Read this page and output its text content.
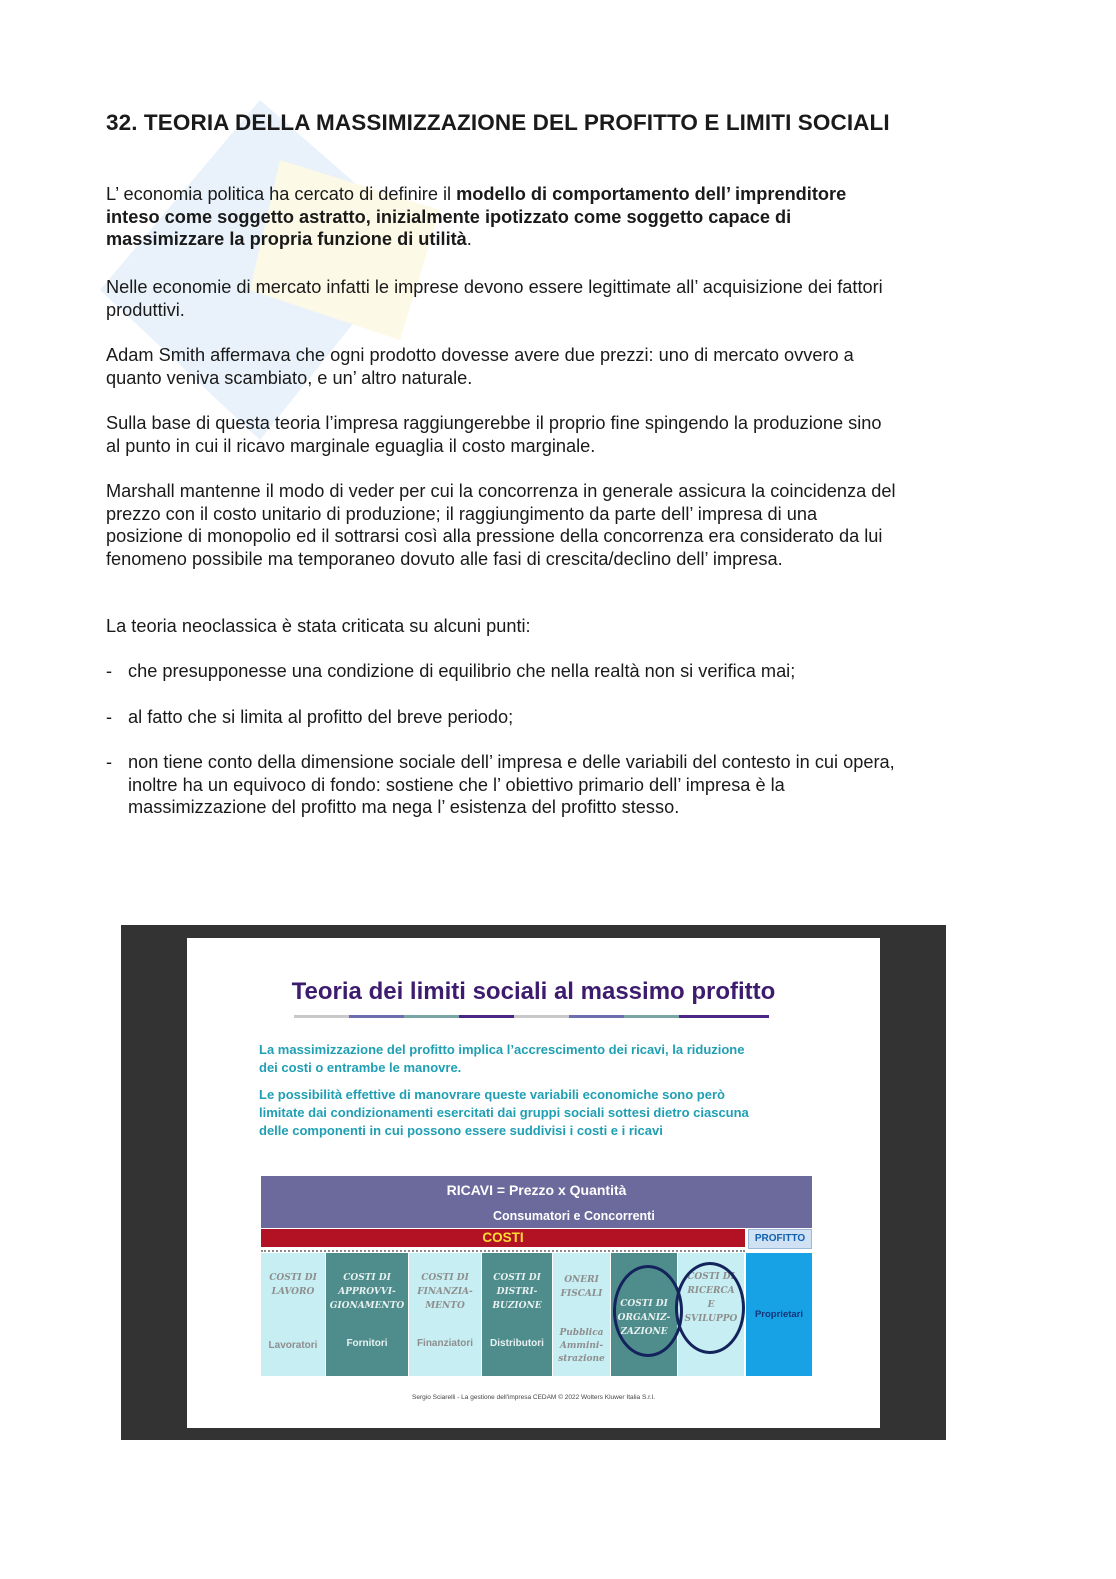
32. TEORIA DELLA MASSIMIZZAZIONE DEL PROFITTO E LIMITI SOCIALI

L’ economia politica ha cercato di definire il modello di comportamento dell’ imprenditore
inteso come soggetto astratto, inizialmente ipotizzato come soggetto capace di
massimizzare la propria funzione di utilità.

Nelle economie di mercato infatti le imprese devono essere legittimate all’ acquisizione dei fattori
produttivi.

Adam Smith affermava che ogni prodotto dovesse avere due prezzi: uno di mercato ovvero a
quanto veniva scambiato, e un’ altro naturale.

Sulla base di questa teoria l’impresa raggiungerebbe il proprio fine spingendo la produzione sino
al punto in cui il ricavo marginale eguaglia il costo marginale.

Marshall mantenne il modo di veder per cui la concorrenza in generale assicura la coincidenza del
prezzo con il costo unitario di produzione; il raggiungimento da parte dell’ impresa di una
posizione di monopolio ed il sottrarsi così alla pressione della concorrenza era considerato da lui
fenomeno possibile ma temporaneo dovuto alle fasi di crescita/declino dell’ impresa.

La teoria neoclassica è stata criticata su alcuni punti:

- che presupponesse una condizione di equilibrio che nella realtà non si verifica mai;
- al fatto che si limita al profitto del breve periodo;
- non tiene conto della dimensione sociale dell’ impresa e delle variabili del contesto in cui opera,
inoltre ha un equivoco di fondo: sostiene che l’ obiettivo primario dell’ impresa è la
massimizzazione del profitto ma nega l’ esistenza del profitto stesso.
Teoria dei limiti sociali al massimo profitto

La massimizzazione del profitto implica l’accrescimento dei ricavi, la riduzione
dei costi o entrambe le manovre.

Le possibilità effettive di manovrare queste variabili economiche sono però
limitate dai condizionamenti esercitati dai gruppi sociali sottesi dietro ciascuna
delle componenti in cui possono essere suddivisi i costi e i ricavi

RICAVI = Prezzo x Quantità
Consumatori e Concorrenti
COSTI	PROFITTO
COSTI DI
LAVORO
Lavoratori
COSTI DI
APPROVVI-
GIONAMENTO
Fornitori
COSTI DI
FINANZIA-
MENTO
Finanziatori
COSTI DI
DISTRI-
BUZIONE
Distributori
ONERI
FISCALI
Pubblica
Ammini-
strazione
COSTI DI
ORGANIZ-
ZAZIONE
COSTI DI
RICERCA
E
SVILUPPO	Proprietari
Sergio Sciarelli - La gestione dell'impresa CEDAM © 2022 Wolters Kluwer Italia S.r.l.
